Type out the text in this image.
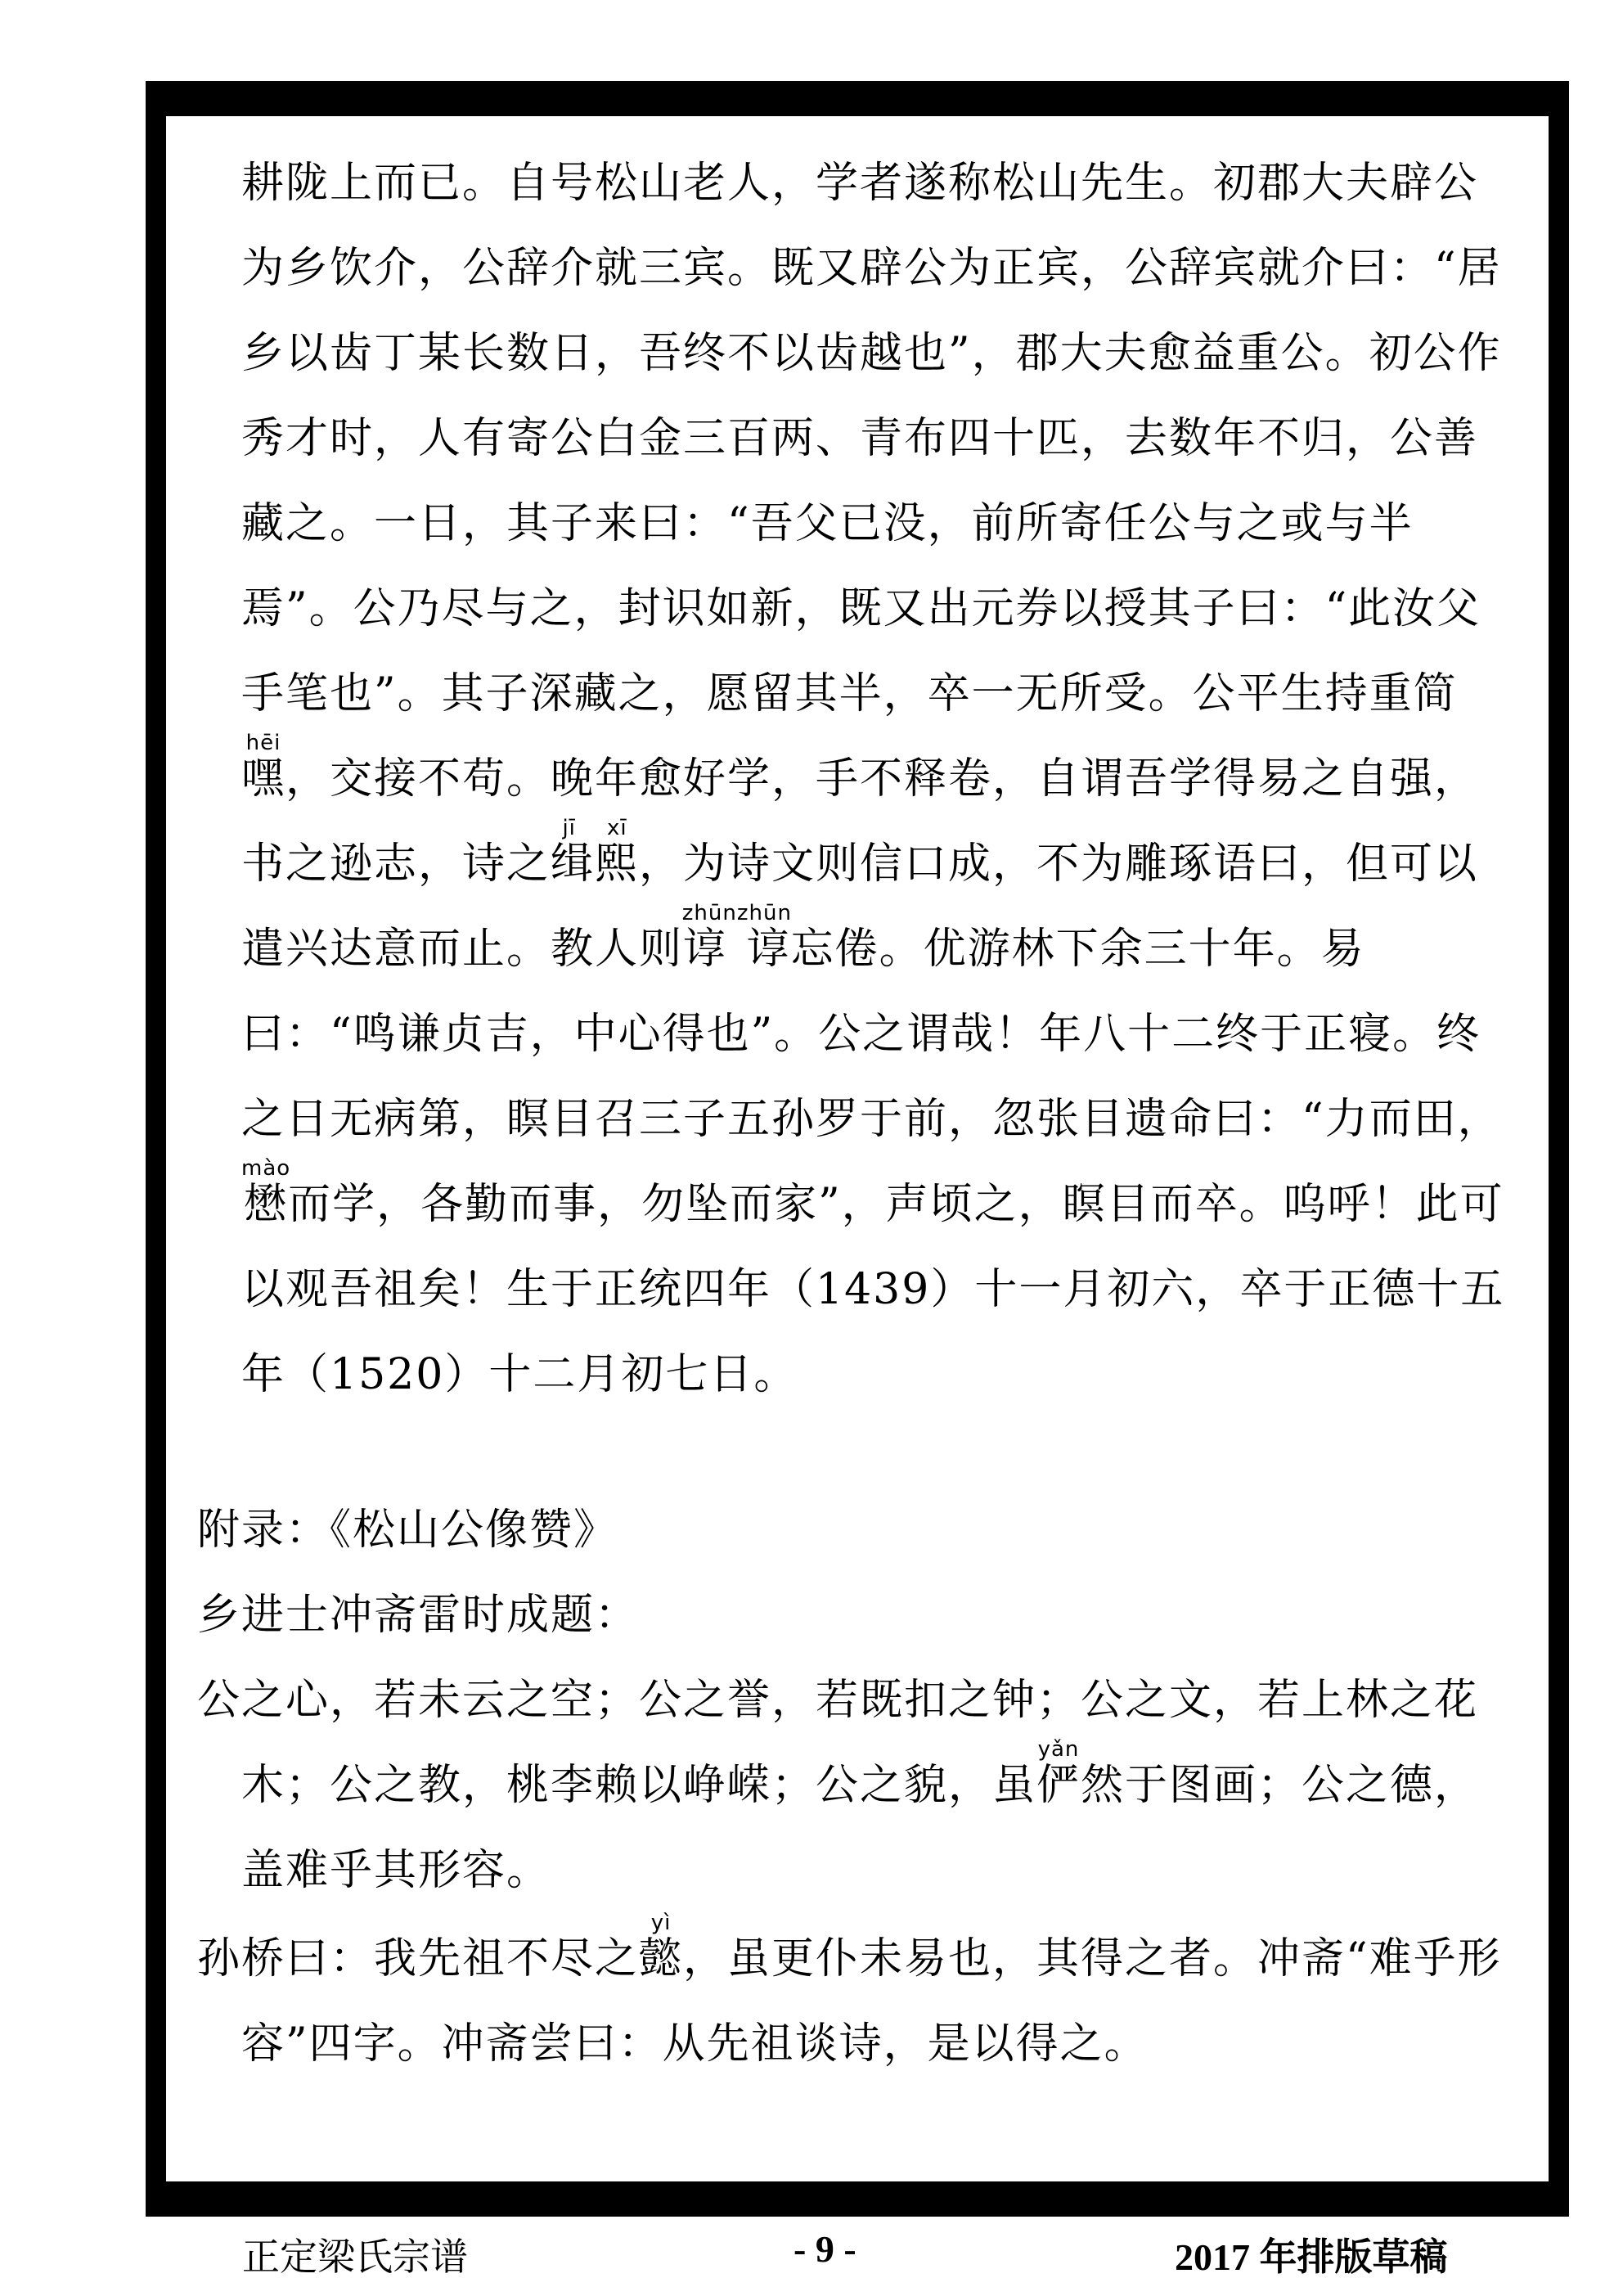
耕陇上而已。自号松山老人，学者遂称松山先生。初郡大夫辟公为乡饮介，公辞介就三宾。既又辟公为正宾，公辞宾就介曰：“居乡以齿丁某长数日，吾终不以齿越也”，郡大夫愈益重公。初公作秀才时，人有寄公白金三百两、青布四十匹，去数年不归，公善藏之。一日，其子来曰：“吾父已没，前所寄任公与之或与半焉”。公乃尽与之，封识如新，既又出元券以授其子曰：“此汝父手笔也”。其子深藏之，愿留其半，卒一无所受。公平生持重简嘿hēi，交接不苟。晚年愈好学，手不释卷，自谓吾学得易之自强，书之逊志，诗之缉熙jī xī，为诗文则信口成，不为雕琢语曰，但可以遣兴达意而止。教人则谆 谆zhūnzhūn忘倦。优游林下余三十年。易曰：“鸣谦贞吉，中心得也”。公之谓哉！年八十二终于正寝。终之日无病第，瞑目召三子五孙罗于前，忽张目遗命曰：“力而田，懋mào而学，各勤而事，勿坠而家”，声顷之，瞑目而卒。呜呼！此可以观吾祖矣！生于正统四年（1439）十一月初六，卒于正德十五年（1520）十二月初七日。

附录：《松山公像赞》

乡进士冲斋雷时成题：

公之心，若未云之空；公之誉，若既扣之钟；公之文，若上林之花木；公之教，桃李赖以峥嵘；公之貌，虽俨yǎn然于图画；公之德，盖难乎其形容。

孙桥曰：我先祖不尽之懿yì，虽更仆未易也，其得之者。冲斋“难乎形容”四字。冲斋尝曰：从先祖谈诗，是以得之。

正定梁氏宗谱	- 9 -	2017 年排版草稿
